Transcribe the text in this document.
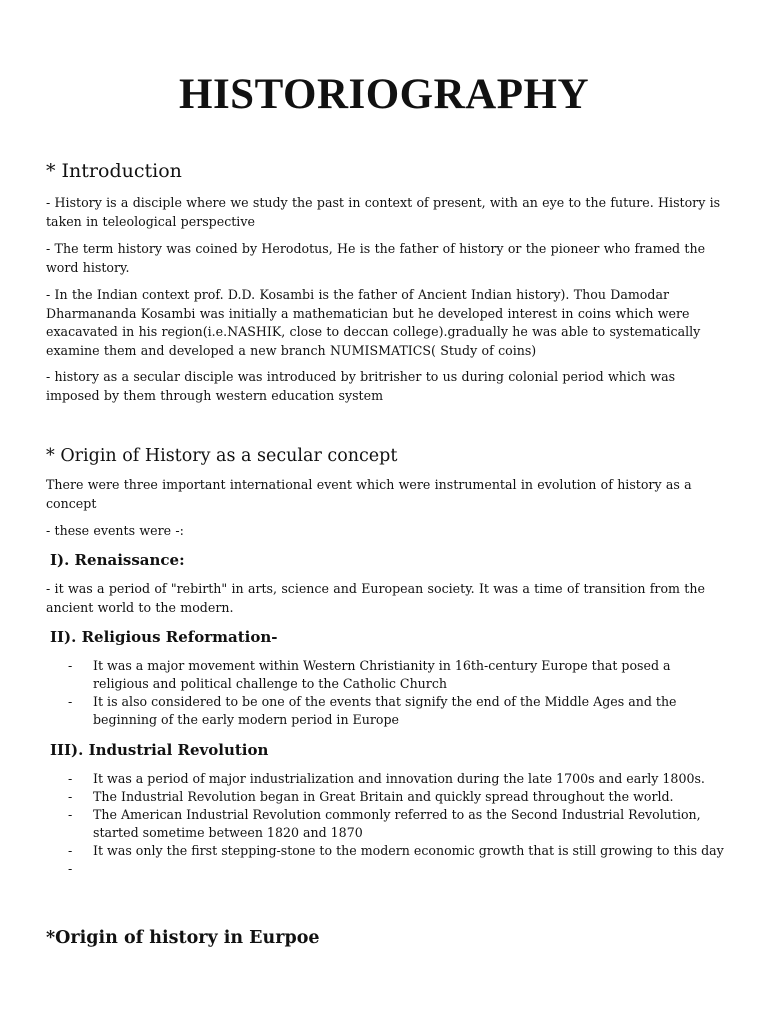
HISTORIOGRAPHY
* Introduction

- History is a disciple where we study the past in context of present, with an eye to the future. History is taken in teleological perspective

- The term history was coined by Herodotus, He is the father of history or the pioneer who framed the word history.

- In the Indian context prof. D.D. Kosambi is the father of Ancient Indian history). Thou Damodar Dharmananda Kosambi was initially a mathematician but he developed interest in coins which were exacavated in his region(i.e.NASHIK, close to deccan college).gradually he was able to systematically examine them and developed a new branch NUMISMATICS( Study of coins)

- history as a secular disciple was introduced by britrisher to us during colonial period which was imposed by them through western education system

* Origin of History as a secular concept

There were three important international event which were instrumental in evolution of history as a concept

- these events were -:

I). Renaissance:

- it was a period of "rebirth" in arts, science and European society. It was a time of transition from the ancient world to the modern.

II). Religious Reformation-
- It was a major movement within Western Christianity in 16th-century Europe that posed a religious and political challenge to the Catholic Church
- It is also considered to be one of the events that signify the end of the Middle Ages and the beginning of the early modern period in Europe
III). Industrial Revolution
- It was a period of major industrialization and innovation during the late 1700s and early 1800s.
- The Industrial Revolution began in Great Britain and quickly spread throughout the world.
- The American Industrial Revolution commonly referred to as the Second Industrial Revolution, started sometime between 1820 and 1870
- It was only the first stepping-stone to the modern economic growth that is still growing to this day
-

*Origin of history in Eurpoe
